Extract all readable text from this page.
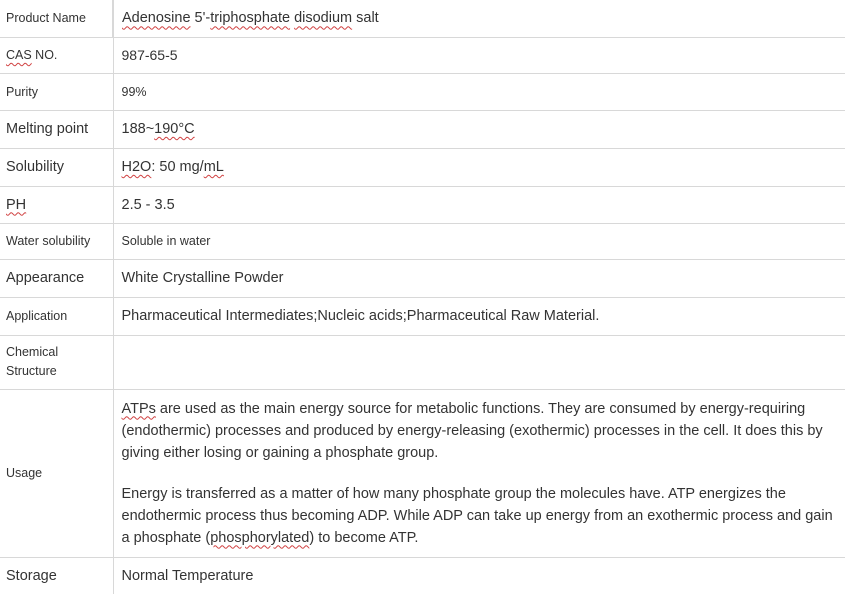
Product Name	Adenosine 5'-triphosphate disodium salt
CAS NO.	987-65-5
Purity	99%
Melting point	188~190°C
Solubility	H2O: 50 mg/mL
PH	2.5 - 3.5
Water solubility	Soluble in water
Appearance	White Crystalline Powder
Application	Pharmaceutical Intermediates;Nucleic acids;Pharmaceutical Raw Material.
Chemical Structure	
Usage	ATPs are used as the main energy source for metabolic functions. They are consumed by energy-requiring (endothermic) processes and produced by energy-releasing (exothermic) processes in the cell. It does this by giving either losing or gaining a phosphate group.

Energy is transferred as a matter of how many phosphate group the molecules have. ATP energizes the endothermic process thus becoming ADP. While ADP can take up energy from an exothermic process and gain a phosphate (phosphorylated) to become ATP.

Storage	Normal Temperature
